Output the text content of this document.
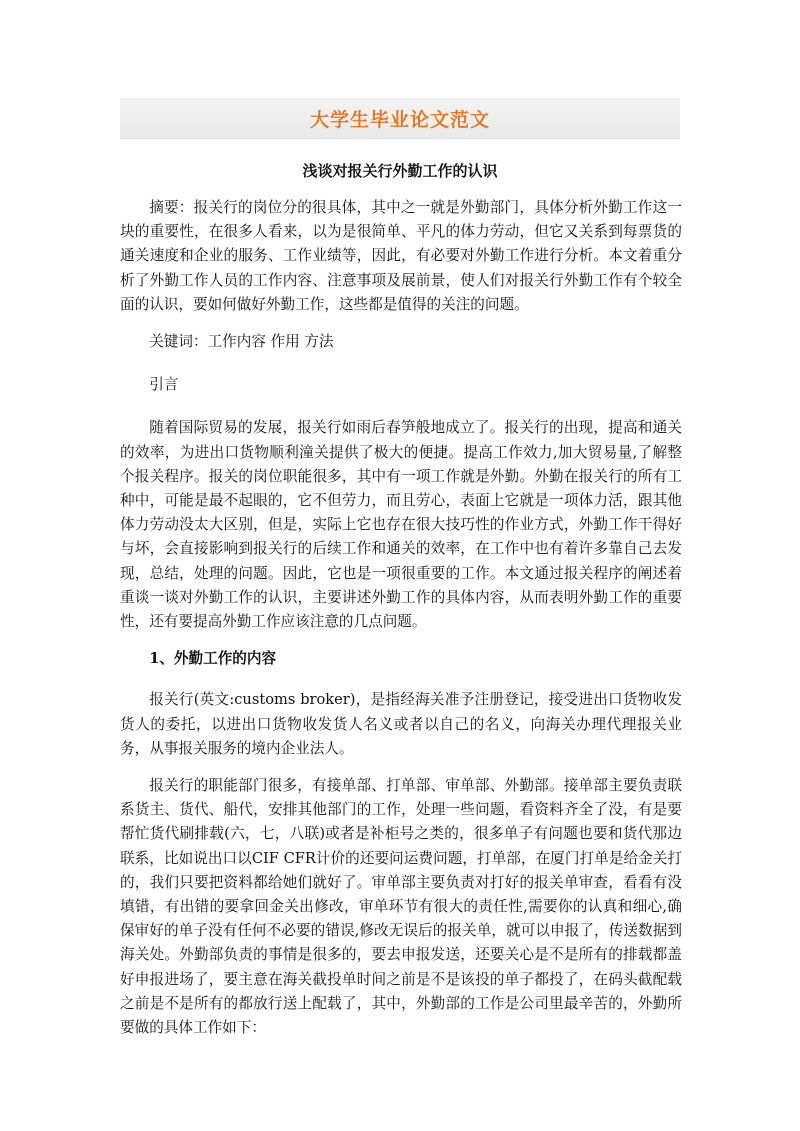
大学生毕业论文范文
浅谈对报关行外勤工作的认识

摘要：报关行的岗位分的很具体，其中之一就是外勤部门，具体分析外勤工作这一块的重要性，在很多人看来，以为是很简单、平凡的体力劳动，但它又关系到每票货的通关速度和企业的服务、工作业绩等，因此，有必要对外勤工作进行分析。本文着重分析了外勤工作人员的工作内容、注意事项及展前景，使人们对报关行外勤工作有个较全面的认识，要如何做好外勤工作，这些都是值得的关注的问题。

关键词：工作内容 作用 方法

引言

随着国际贸易的发展，报关行如雨后春笋般地成立了。报关行的出现，提高和通关的效率，为进出口货物顺利潼关提供了极大的便捷。提高工作效力,加大贸易量,了解整个报关程序。报关的岗位职能很多，其中有一项工作就是外勤。外勤在报关行的所有工种中，可能是最不起眼的，它不但劳力，而且劳心，表面上它就是一项体力活，跟其他体力劳动没太大区别，但是，实际上它也存在很大技巧性的作业方式，外勤工作干得好与坏，会直接影响到报关行的后续工作和通关的效率，在工作中也有着许多靠自己去发现，总结，处理的问题。因此，它也是一项很重要的工作。本文通过报关程序的阐述着重谈一谈对外勤工作的认识，主要讲述外勤工作的具体内容，从而表明外勤工作的重要性，还有要提高外勤工作应该注意的几点问题。

1、外勤工作的内容

报关行(英文:customs broker)，是指经海关准予注册登记，接受进出口货物收发货人的委托，以进出口货物收发货人名义或者以自己的名义，向海关办理代理报关业务，从事报关服务的境内企业法人。

报关行的职能部门很多，有接单部、打单部、审单部、外勤部。接单部主要负责联系货主、货代、船代，安排其他部门的工作，处理一些问题，看资料齐全了没，有是要帮忙货代刷排载(六，七，八联)或者是补柜号之类的，很多单子有问题也要和货代那边联系，比如说出口以CIF CFR计价的还要问运费问题，打单部，在厦门打单是给金关打的，我们只要把资料都给她们就好了。审单部主要负责对打好的报关单审查，看看有没填错，有出错的要拿回金关出修改，审单环节有很大的责任性,需要你的认真和细心,确保审好的单子没有任何不必要的错误,修改无误后的报关单，就可以申报了，传送数据到海关处。外勤部负责的事情是很多的，要去申报发送，还要关心是不是所有的排载都盖好申报进场了，要主意在海关截投单时间之前是不是该投的单子都投了，在码头截配载之前是不是所有的都放行送上配载了，其中，外勤部的工作是公司里最辛苦的，外勤所要做的具体工作如下：
